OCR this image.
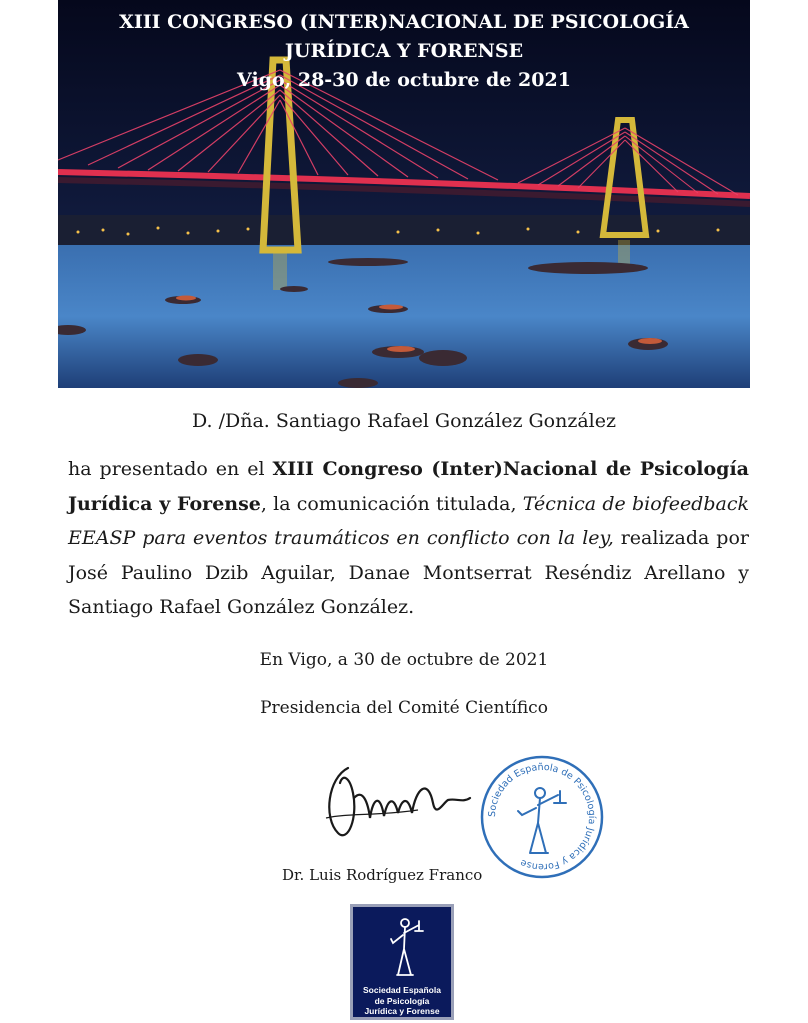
XIII CONGRESO (INTER)NACIONAL DE PSICOLOGÍA
JURÍDICA Y FORENSE
Vigo, 28-30 de octubre de 2021
D. /Dña. Santiago Rafael González González
ha presentado en el XIII Congreso (Inter)Nacional de Psicología Jurídica y Forense, la comunicación titulada, Técnica de biofeedback EEASP para eventos traumáticos en conflicto con la ley, realizada por José Paulino Dzib Aguilar, Danae Montserrat Reséndiz Arellano y Santiago Rafael González González.
En Vigo, a 30 de octubre de 2021
Presidencia del Comité Científico
Sociedad Española de Psicología Jurídica y Forense
Dr. Luis Rodríguez Franco
Sociedad Española
de Psicología
Jurídica y Forense
